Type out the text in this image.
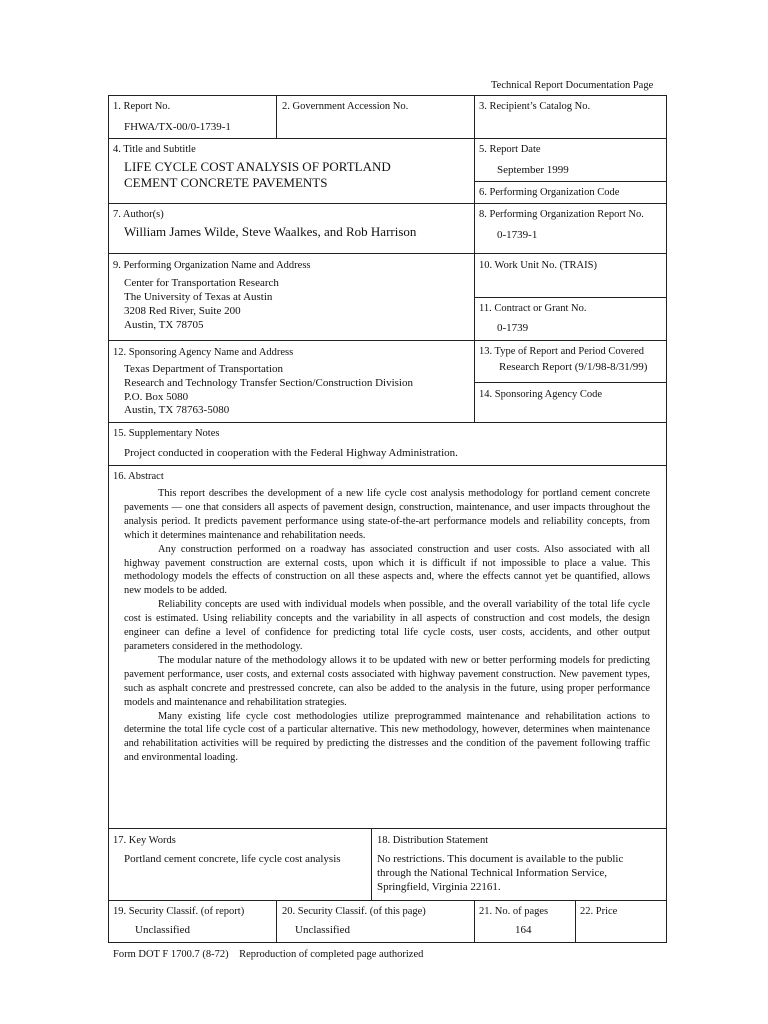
Technical Report Documentation Page
1. Report No.
FHWA/TX-00/0-1739-1
2. Government Accession No.	3. Recipient’s Catalog No.
4. Title and Subtitle
LIFE CYCLE COST ANALYSIS OF PORTLAND
CEMENT CONCRETE PAVEMENTS
5. Report Date
September 1999
6. Performing Organization Code
7. Author(s)
William James Wilde, Steve Waalkes, and Rob Harrison
8. Performing Organization Report No.
0-1739-1
9. Performing Organization Name and Address
Center for Transportation Research
The University of Texas at Austin
3208 Red River, Suite 200
Austin, TX 78705
10. Work Unit No. (TRAIS)
11. Contract or Grant No.
0-1739
12. Sponsoring Agency Name and Address
Texas Department of Transportation
Research and Technology Transfer Section/Construction Division
P.O. Box 5080
Austin, TX 78763-5080
13. Type of Report and Period Covered
Research Report (9/1/98-8/31/99)
14. Sponsoring Agency Code
15. Supplementary Notes
Project conducted in cooperation with the Federal Highway Administration.
16. Abstract

This report describes the development of a new life cycle cost analysis methodology for portland cement concrete pavements — one that considers all aspects of pavement design, construction, maintenance, and user impacts throughout the analysis period. It predicts pavement performance using state-of-the-art performance models and reliability concepts, from which it determines maintenance and rehabilitation needs.

Any construction performed on a roadway has associated construction and user costs. Also associated with all highway pavement construction are external costs, upon which it is difficult if not impossible to place a value. This methodology models the effects of construction on all these aspects and, where the effects cannot yet be quantified, allows new models to be added.

Reliability concepts are used with individual models when possible, and the overall variability of the total life cycle cost is estimated. Using reliability concepts and the variability in all aspects of construction and cost models, the design engineer can define a level of confidence for predicting total life cycle costs, user costs, accidents, and other output parameters considered in the methodology.

The modular nature of the methodology allows it to be updated with new or better performing models for predicting pavement performance, user costs, and external costs associated with highway pavement construction. New pavement types, such as asphalt concrete and prestressed concrete, can also be added to the analysis in the future, using proper performance models and maintenance and rehabilitation strategies.

Many existing life cycle cost methodologies utilize preprogrammed maintenance and rehabilitation actions to determine the total life cycle cost of a particular alternative. This new methodology, however, determines when maintenance and rehabilitation activities will be required by predicting the distresses and the condition of the pavement following traffic and environmental loading.

17. Key Words
Portland cement concrete, life cycle cost analysis
18. Distribution Statement
No restrictions. This document is available to the public
through the National Technical Information Service,
Springfield, Virginia 22161.
19. Security Classif. (of report)
Unclassified
20. Security Classif. (of this page)
Unclassified
21. No. of pages
164
22. Price
Form DOT F 1700.7 (8-72)    Reproduction of completed page authorized
